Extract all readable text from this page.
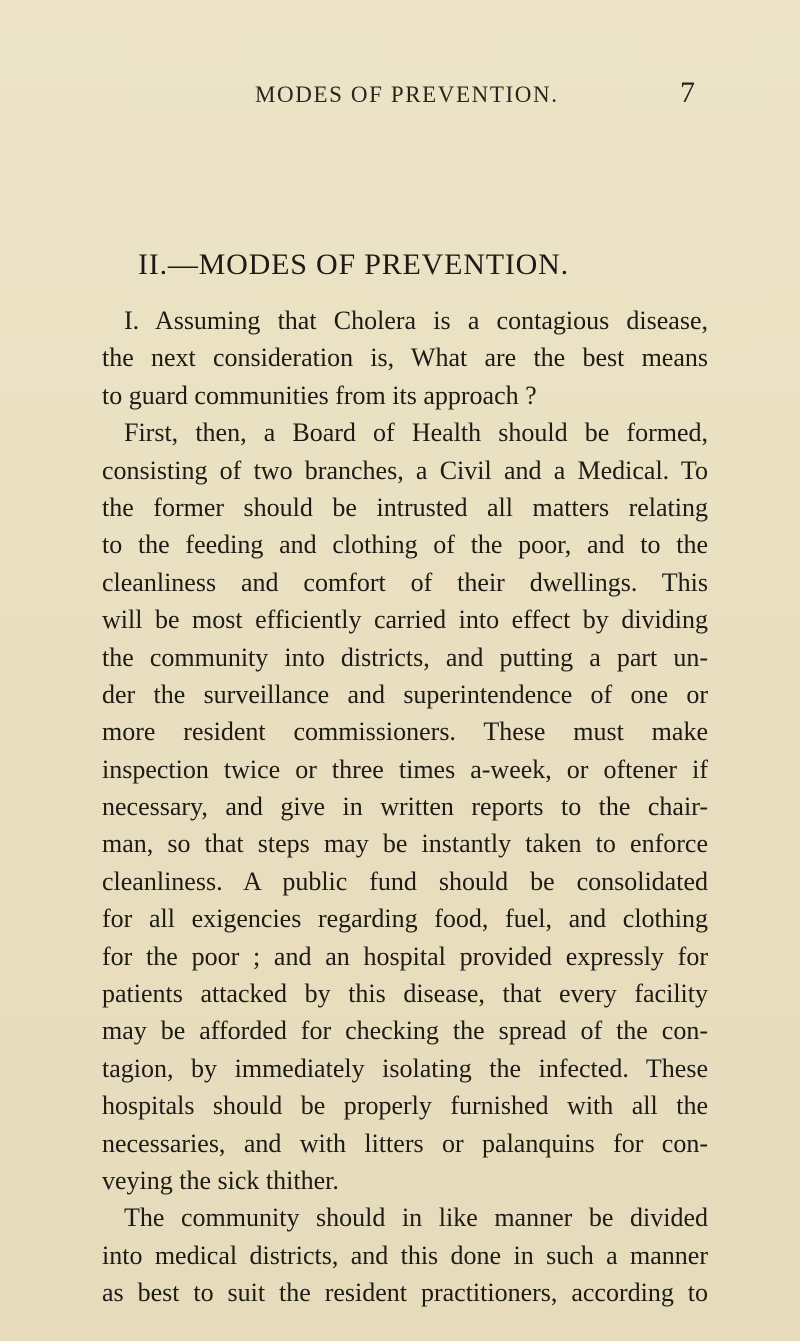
MODES OF PREVENTION.	7
II.—MODES OF PREVENTION.
I. Assuming that Cholera is a contagious disease,
the next consideration is, What are the best means
to guard communities from its approach ?
First, then, a Board of Health should be formed,
consisting of two branches, a Civil and a Medical. To
the former should be intrusted all matters relating
to the feeding and clothing of the poor, and to the
cleanliness and comfort of their dwellings. This
will be most efficiently carried into effect by dividing
the community into districts, and putting a part un-
der the surveillance and superintendence of one or
more resident commissioners. These must make
inspection twice or three times a-week, or oftener if
necessary, and give in written reports to the chair-
man, so that steps may be instantly taken to enforce
cleanliness. A public fund should be consolidated
for all exigencies regarding food, fuel, and clothing
for the poor ; and an hospital provided expressly for
patients attacked by this disease, that every facility
may be afforded for checking the spread of the con-
tagion, by immediately isolating the infected. These
hospitals should be properly furnished with all the
necessaries, and with litters or palanquins for con-
veying the sick thither.
The community should in like manner be divided
into medical districts, and this done in such a manner
as best to suit the resident practitioners, according to
